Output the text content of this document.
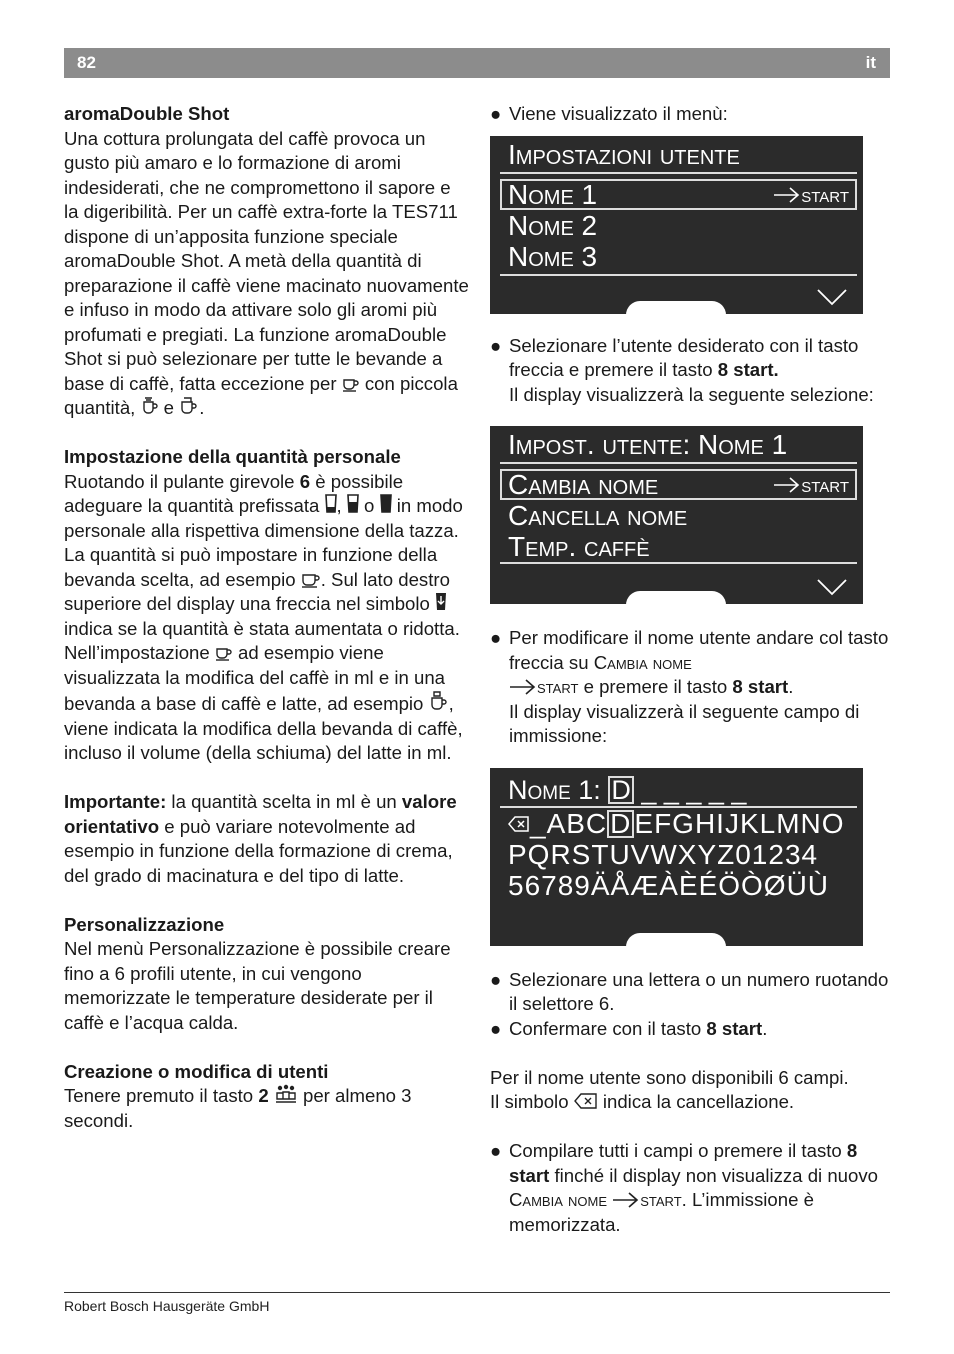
82	it

aromaDouble Shot

Una cottura prolungata del caffè provoca un gusto più amaro e lo formazione di aromi indesiderati, che ne compromettono il sapore e la digeribilità. Per un caffè extra-forte la TES711 dispone di un’apposita funzione speciale aromaDouble Shot. A metà della quantità di preparazione il caffè viene macinato nuovamente e infuso in modo da attivare solo gli aromi più profumati e pregiati. La funzione aromaDouble Shot si può selezionare per tutte le bevande a base di caffè, fatta eccezione per  con piccola quantità,  e .

Impostazione della quantità personale

Ruotando il pulante girevole 6 è possibile adeguare la quantità prefissata ,  o  in modo personale alla rispettiva dimensione della tazza. La quantità si può impostare in funzione della bevanda scelta, ad esempio . Sul lato destro superiore del display una freccia nel simbolo  indica se la quantità è stata aumentata o ridotta. Nell’impostazione  ad esempio viene visualizzata la modifica del caffè in ml e in una bevanda a base di caffè e latte, ad esempio , viene indicata la modifica della bevanda di caffè, incluso il volume (della schiuma) del latte in ml.

Importante: la quantità scelta in ml è un valore orientativo e può variare notevolmente ad esempio in funzione della formazione di crema, del grado di macinatura e del tipo di latte.

Personalizzazione

Nel menù Personalizzazione è possibile creare fino a 6 profili utente, in cui vengono memorizzate le temperature desiderate per il caffè e l’acqua calda.

Creazione o modifica di utenti

Tenere premuto il tasto 2  per almeno 3 secondi.

● Viene visualizzato il menù:

Impostazioni utente
Nome 1	start
Nome 2
Nome 3
● Selezionare l’utente desiderato con il tasto freccia e premere il tasto 8 start.
Il display visualizzerà la seguente selezione:
Impost. utente: Nome 1
Cambia nome	start
Cancella nome
Temp. caffè
● Per modificare il nome utente andare col tasto freccia su Cambia nome
start e premere il tasto 8 start.
Il display visualizzerà il seguente campo di immissione:
Nome 1: D _ _ _ _ _
_ABC D EFGHIJKLMNO
PQRSTUVWXYZ01234
56789ÄÅÆÀÈÉÖÒØÜÙ

● Selezionare una lettera o un numero ruotando il selettore 6.

● Confermare con il tasto 8 start.

Per il nome utente sono disponibili 6 campi.

Il simbolo  indica la cancellazione.

● Compilare tutti i campi o premere il tasto 8 start finché il display non visualizza di nuovo Cambia nome start. L’immissione è memorizzata.
Robert Bosch Hausgeräte GmbH
